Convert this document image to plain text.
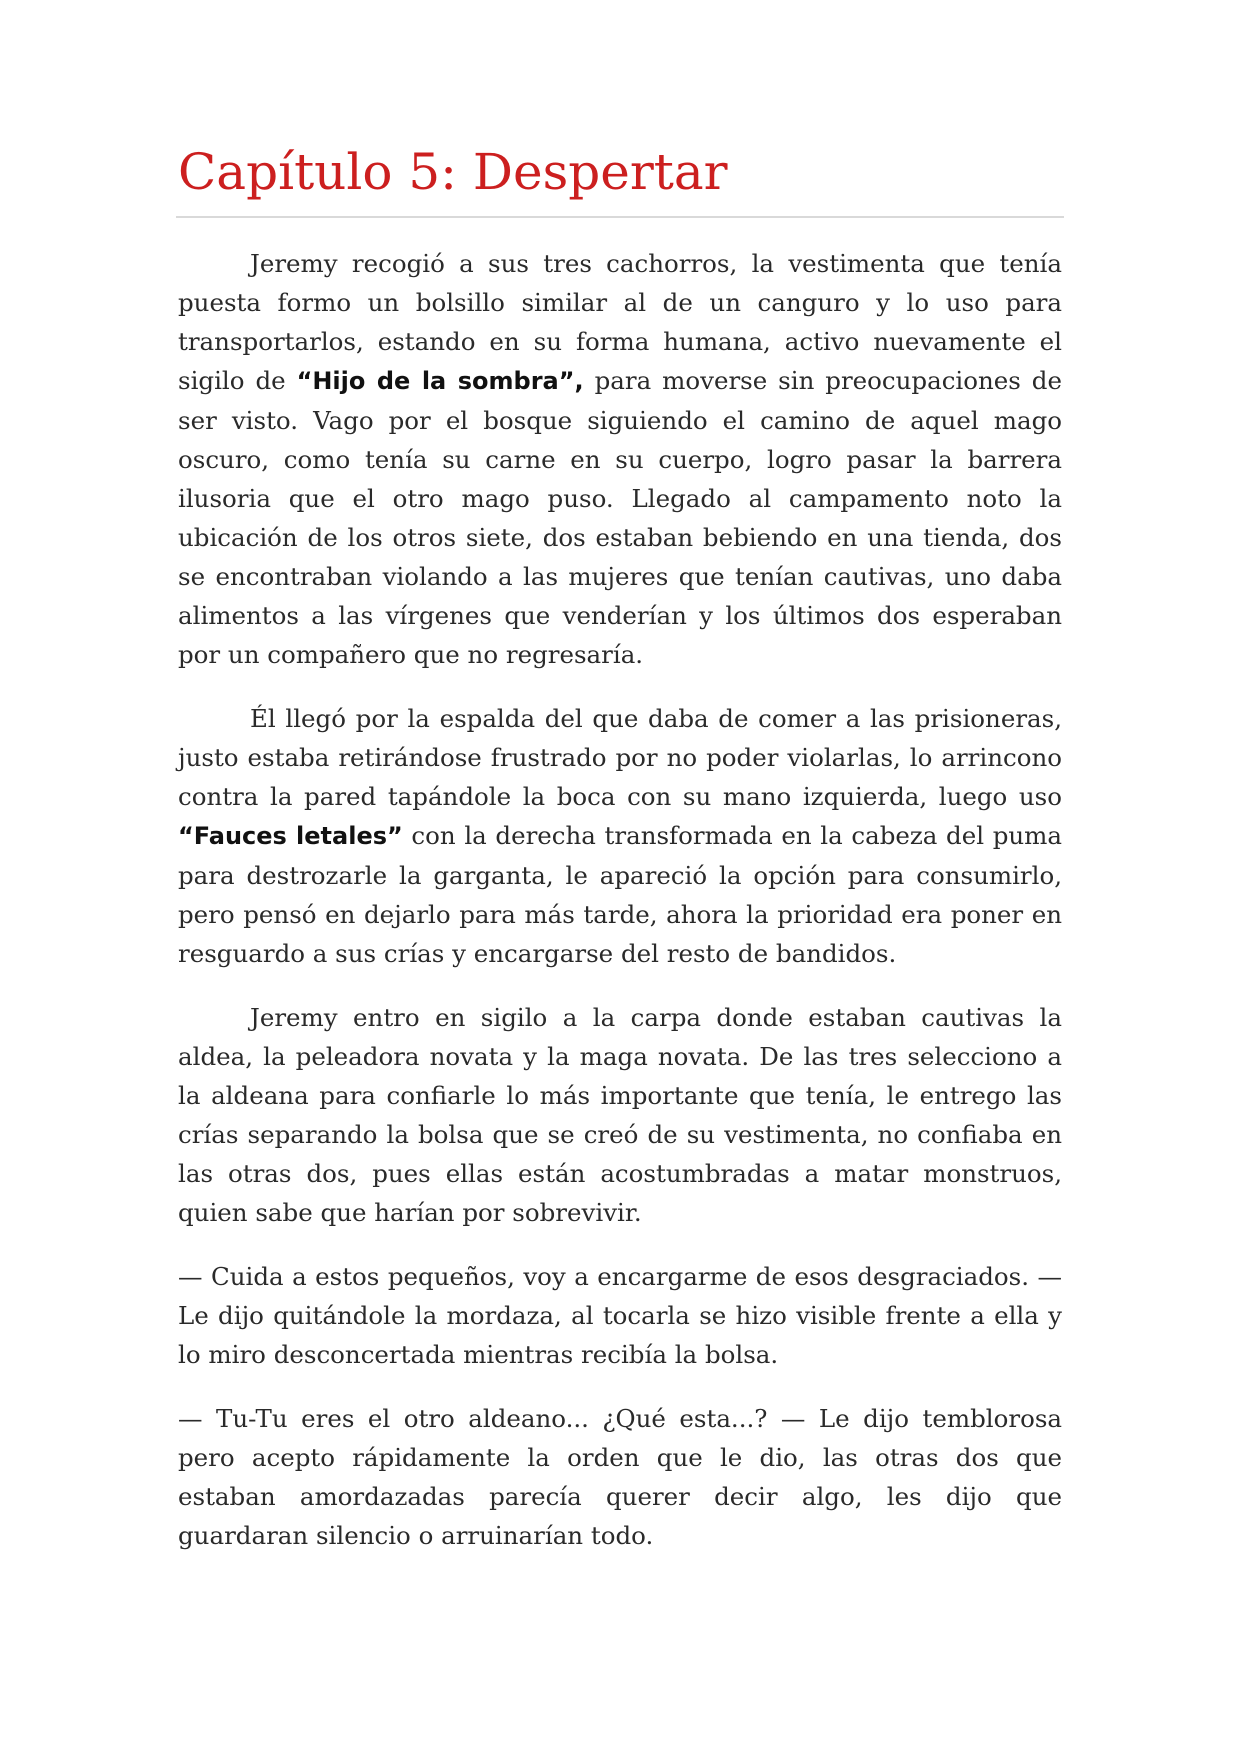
Capítulo 5: Despertar

Jeremy recogió a sus tres cachorros, la vestimenta que tenía puesta formo un bolsillo similar al de un canguro y lo uso para transportarlos, estando en su forma humana, activo nuevamente el sigilo de “Hijo de la sombra”, para moverse sin preocupaciones de ser visto. Vago por el bosque siguiendo el camino de aquel mago oscuro, como tenía su carne en su cuerpo, logro pasar la barrera ilusoria que el otro mago puso. Llegado al campamento noto la ubicación de los otros siete, dos estaban bebiendo en una tienda, dos se encontraban violando a las mujeres que tenían cautivas, uno daba alimentos a las vírgenes que venderían y los últimos dos esperaban por un compañero que no regresaría.

Él llegó por la espalda del que daba de comer a las prisioneras, justo estaba retirándose frustrado por no poder violarlas, lo arrincono contra la pared tapándole la boca con su mano izquierda, luego uso “Fauces letales” con la derecha transformada en la cabeza del puma para destrozarle la garganta, le apareció la opción para consumirlo, pero pensó en dejarlo para más tarde, ahora la prioridad era poner en resguardo a sus crías y encargarse del resto de bandidos.

Jeremy entro en sigilo a la carpa donde estaban cautivas la aldea, la peleadora novata y la maga novata. De las tres selecciono a la aldeana para confiarle lo más importante que tenía, le entrego las crías separando la bolsa que se creó de su vestimenta, no confiaba en las otras dos, pues ellas están acostumbradas a matar monstruos, quien sabe que harían por sobrevivir.

— Cuida a estos pequeños, voy a encargarme de esos desgraciados. — Le dijo quitándole la mordaza, al tocarla se hizo visible frente a ella y lo miro desconcertada mientras recibía la bolsa.

— Tu-Tu eres el otro aldeano... ¿Qué esta...? — Le dijo temblorosa pero acepto rápidamente la orden que le dio, las otras dos que estaban amordazadas parecía querer decir algo, les dijo que guardaran silencio o arruinarían todo.
